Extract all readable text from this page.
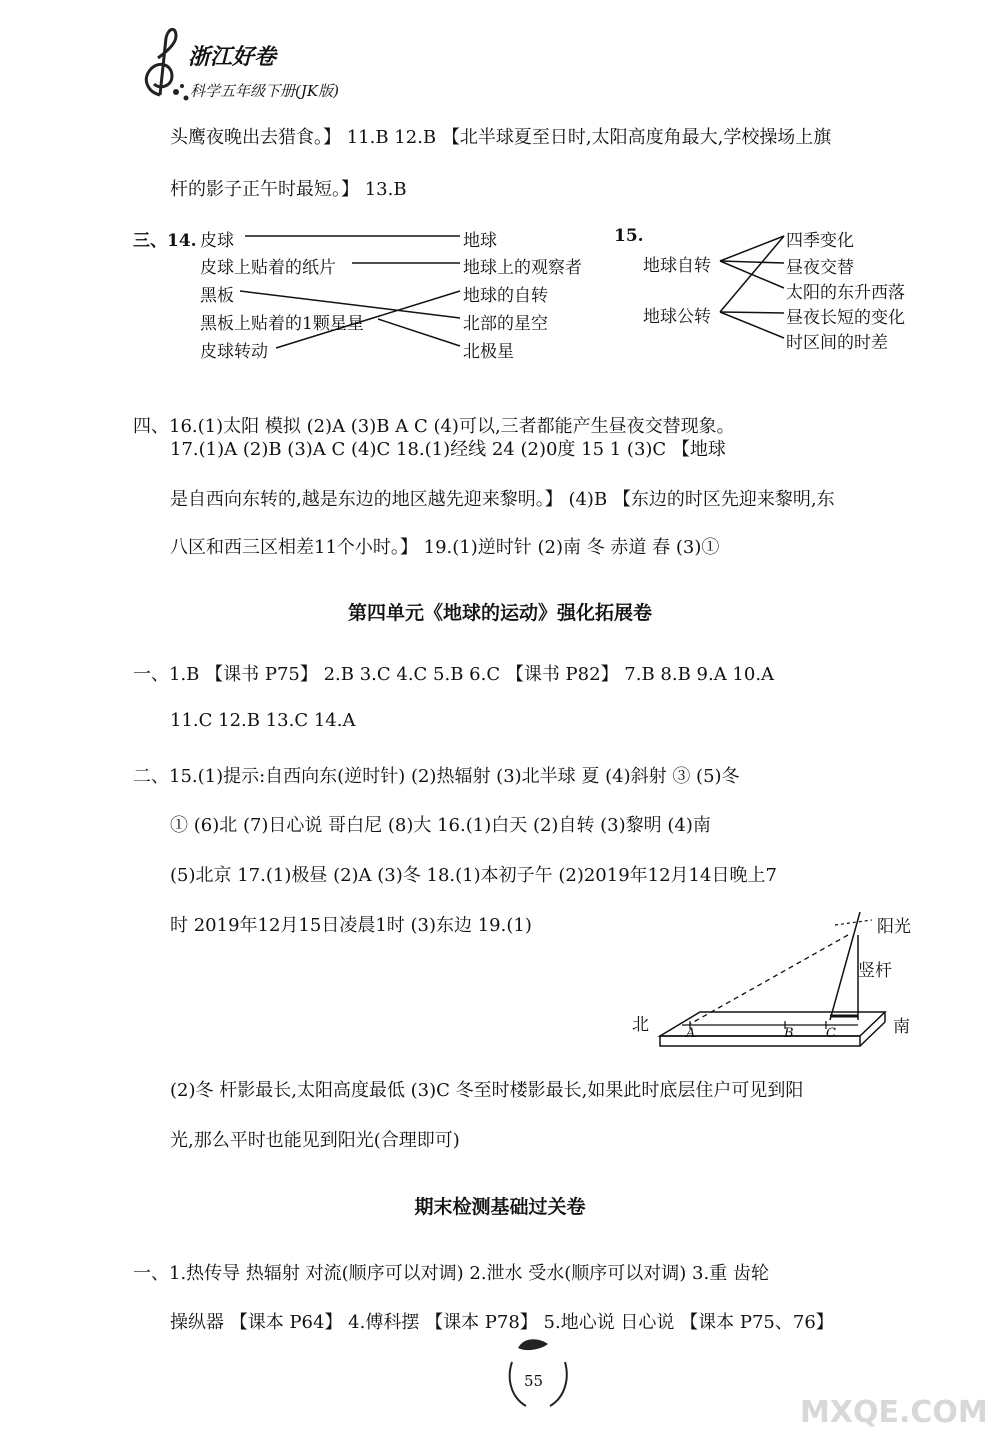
浙江好卷
科学五年级下册(JK版)
头鹰夜晚出去猎食。】 11.B 12.B 【北半球夏至日时,太阳高度角最大,学校操场上旗
杆的影子正午时最短。】 13.B
三、14. 皮球
皮球上贴着的纸片
黑板
黑板上贴着的1颗星星
皮球转动
地球
地球上的观察者
地球的自转
北部的星空
北极星
15.
地球自转
地球公转
四季变化
昼夜交替
太阳的东升西落
昼夜长短的变化
时区间的时差
四、16.(1)太阳 模拟 (2)A (3)B A C (4)可以,三者都能产生昼夜交替现象。
17.(1)A (2)B (3)A C (4)C 18.(1)经线 24 (2)0度 15 1 (3)C 【地球
是自西向东转的,越是东边的地区越先迎来黎明。】 (4)B 【东边的时区先迎来黎明,东
八区和西三区相差11个小时。】 19.(1)逆时针 (2)南 冬 赤道 春 (3)①
第四单元《地球的运动》强化拓展卷
一、1.B 【课书 P75】 2.B 3.C 4.C 5.B 6.C 【课书 P82】 7.B 8.B 9.A 10.A
11.C 12.B 13.C 14.A
二、15.(1)提示:自西向东(逆时针) (2)热辐射 (3)北半球 夏 (4)斜射 ③ (5)冬
① (6)北 (7)日心说 哥白尼 (8)大 16.(1)白天 (2)自转 (3)黎明 (4)南
(5)北京 17.(1)极昼 (2)A (3)冬 18.(1)本初子午 (2)2019年12月14日晚上7
时 2019年12月15日凌晨1时 (3)东边 19.(1)	阳光
竖杆
北	南
A	B C
(2)冬 杆影最长,太阳高度最低 (3)C 冬至时楼影最长,如果此时底层住户可见到阳
光,那么平时也能见到阳光(合理即可)
期末检测基础过关卷
一、1.热传导 热辐射 对流(顺序可以对调) 2.泄水 受水(顺序可以对调) 3.重 齿轮
操纵器 【课本 P64】 4.傅科摆 【课本 P78】 5.地心说 日心说 【课本 P75、76】
55
MXQE.COM
